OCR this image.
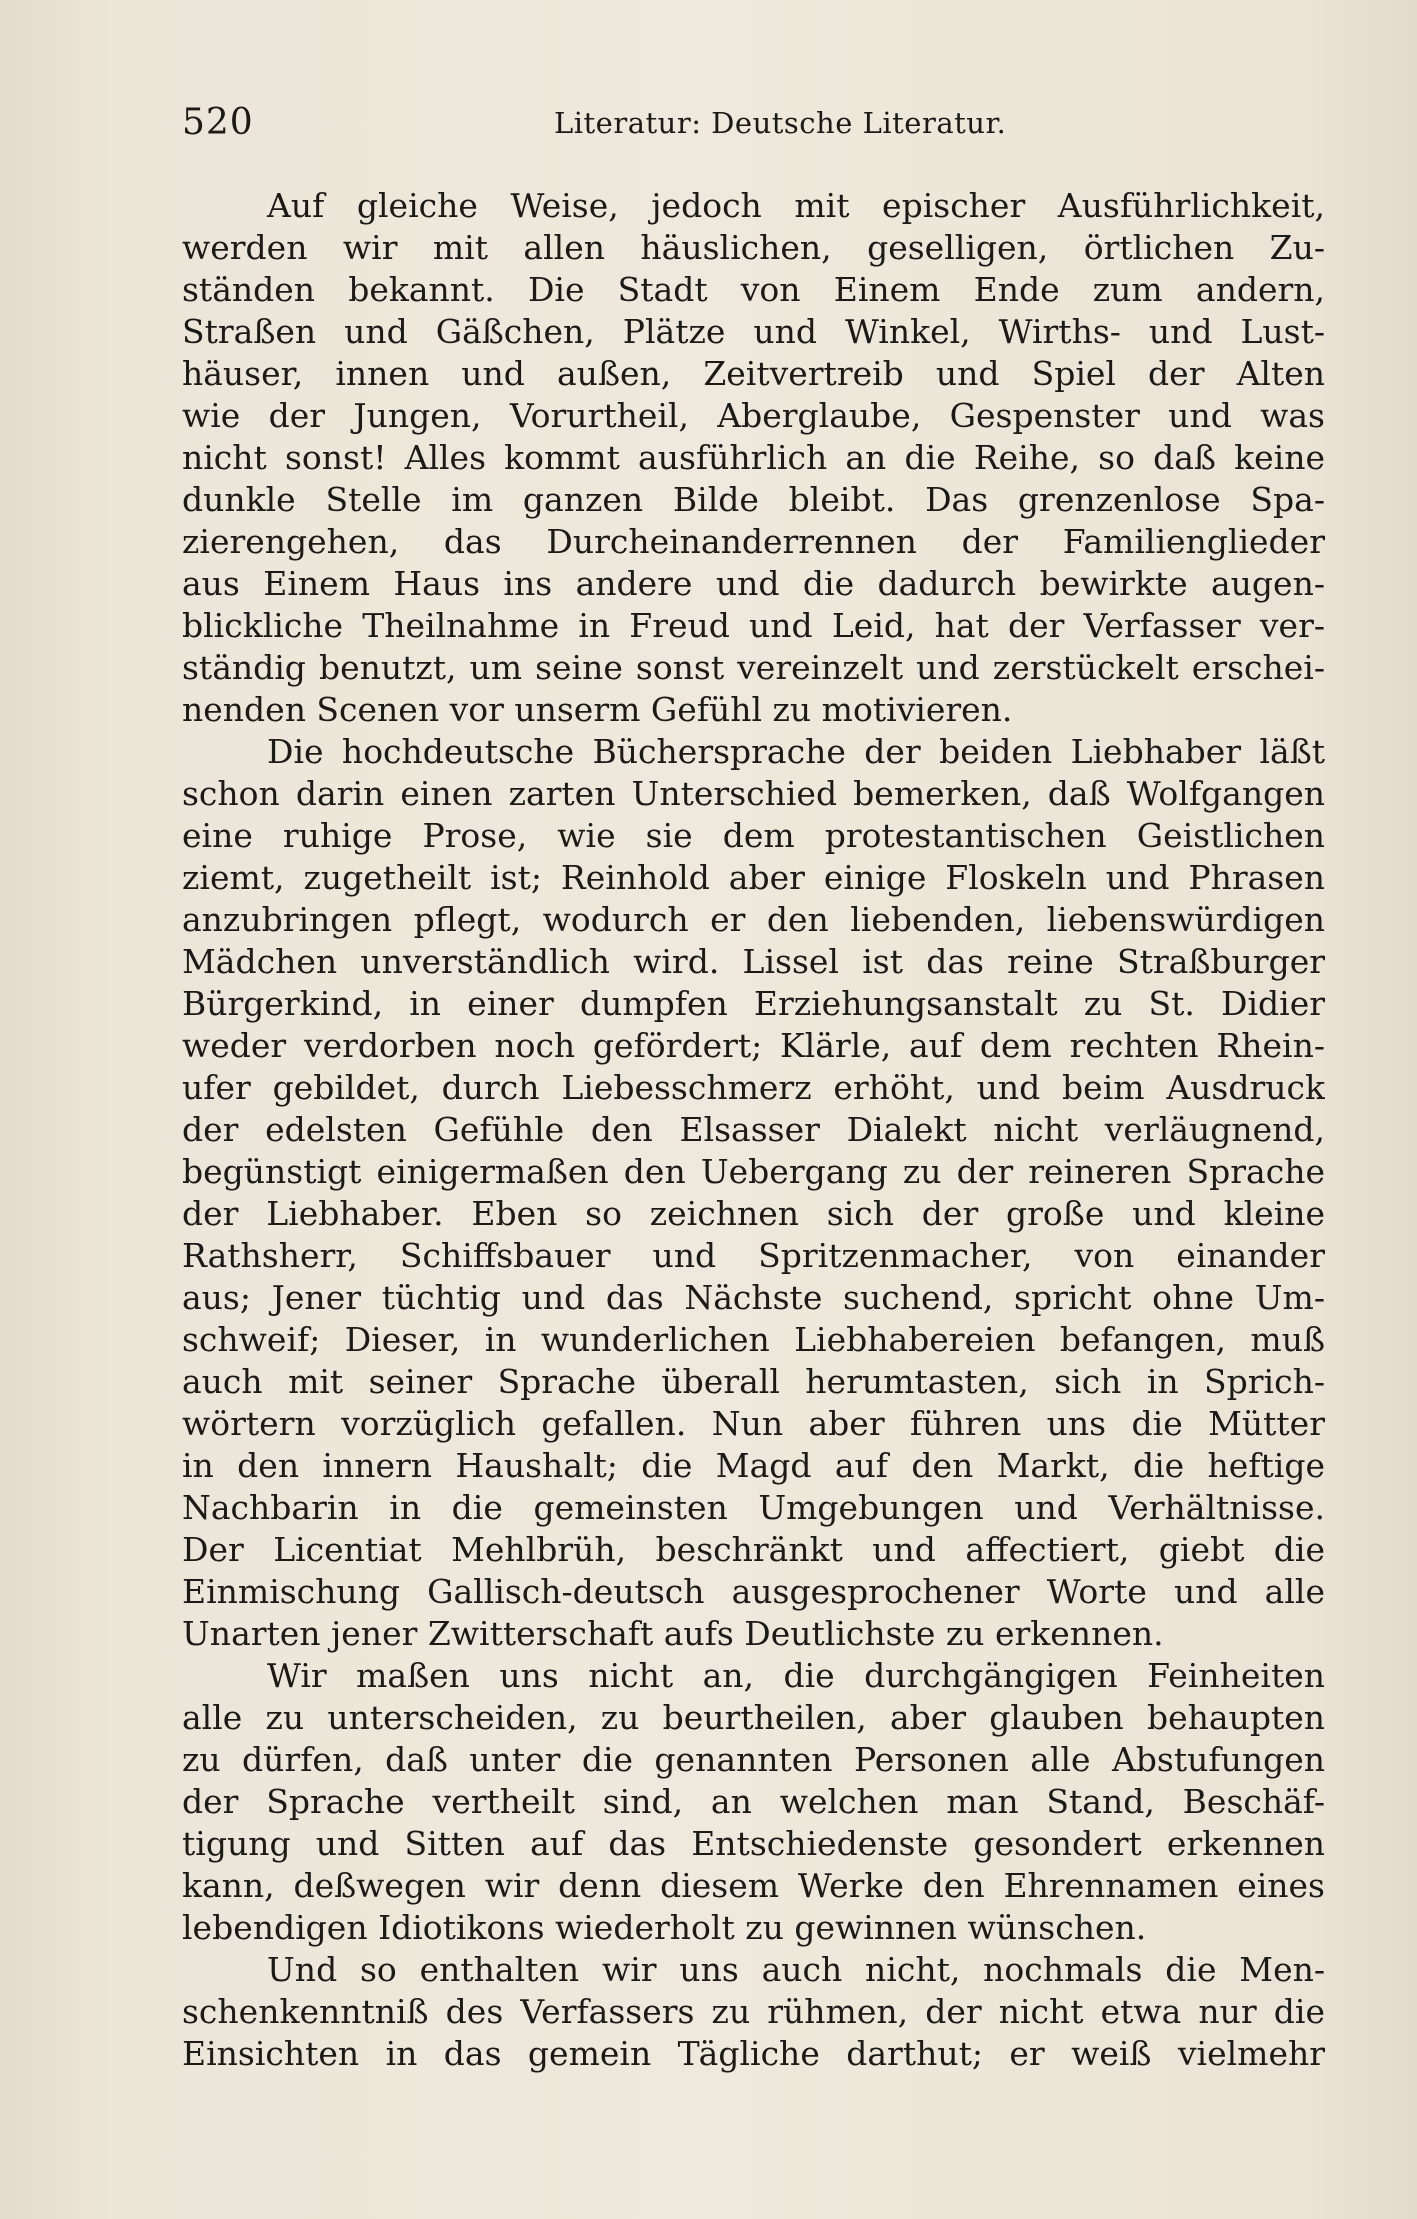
520	Literatur: Deutsche Literatur.
Auf gleiche Weise, jedoch mit epischer Ausführlichkeit,
werden wir mit allen häuslichen, geselligen, örtlichen Zu-
ständen bekannt. Die Stadt von Einem Ende zum andern,
Straßen und Gäßchen, Plätze und Winkel, Wirths- und Lust-
häuser, innen und außen, Zeitvertreib und Spiel der Alten
wie der Jungen, Vorurtheil, Aberglaube, Gespenster und was
nicht sonst! Alles kommt ausführlich an die Reihe, so daß keine
dunkle Stelle im ganzen Bilde bleibt. Das grenzenlose Spa-
zierengehen, das Durcheinanderrennen der Familienglieder
aus Einem Haus ins andere und die dadurch bewirkte augen-
blickliche Theilnahme in Freud und Leid, hat der Verfasser ver-
ständig benutzt, um seine sonst vereinzelt und zerstückelt erschei-
nenden Scenen vor unserm Gefühl zu motivieren.
Die hochdeutsche Büchersprache der beiden Liebhaber läßt
schon darin einen zarten Unterschied bemerken, daß Wolfgangen
eine ruhige Prose, wie sie dem protestantischen Geistlichen
ziemt, zugetheilt ist; Reinhold aber einige Floskeln und Phrasen
anzubringen pflegt, wodurch er den liebenden, liebenswürdigen
Mädchen unverständlich wird. Lissel ist das reine Straßburger
Bürgerkind, in einer dumpfen Erziehungsanstalt zu St. Didier
weder verdorben noch gefördert; Klärle, auf dem rechten Rhein-
ufer gebildet, durch Liebesschmerz erhöht, und beim Ausdruck
der edelsten Gefühle den Elsasser Dialekt nicht verläugnend,
begünstigt einigermaßen den Uebergang zu der reineren Sprache
der Liebhaber. Eben so zeichnen sich der große und kleine
Rathsherr, Schiffsbauer und Spritzenmacher, von einander
aus; Jener tüchtig und das Nächste suchend, spricht ohne Um-
schweif; Dieser, in wunderlichen Liebhabereien befangen, muß
auch mit seiner Sprache überall herumtasten, sich in Sprich-
wörtern vorzüglich gefallen. Nun aber führen uns die Mütter
in den innern Haushalt; die Magd auf den Markt, die heftige
Nachbarin in die gemeinsten Umgebungen und Verhältnisse.
Der Licentiat Mehlbrüh, beschränkt und affectiert, giebt die
Einmischung Gallisch-deutsch ausgesprochener Worte und alle
Unarten jener Zwitterschaft aufs Deutlichste zu erkennen.
Wir maßen uns nicht an, die durchgängigen Feinheiten
alle zu unterscheiden, zu beurtheilen, aber glauben behaupten
zu dürfen, daß unter die genannten Personen alle Abstufungen
der Sprache vertheilt sind, an welchen man Stand, Beschäf-
tigung und Sitten auf das Entschiedenste gesondert erkennen
kann, deßwegen wir denn diesem Werke den Ehrennamen eines
lebendigen Idiotikons wiederholt zu gewinnen wünschen.
Und so enthalten wir uns auch nicht, nochmals die Men-
schenkenntniß des Verfassers zu rühmen, der nicht etwa nur die
Einsichten in das gemein Tägliche darthut; er weiß vielmehr
